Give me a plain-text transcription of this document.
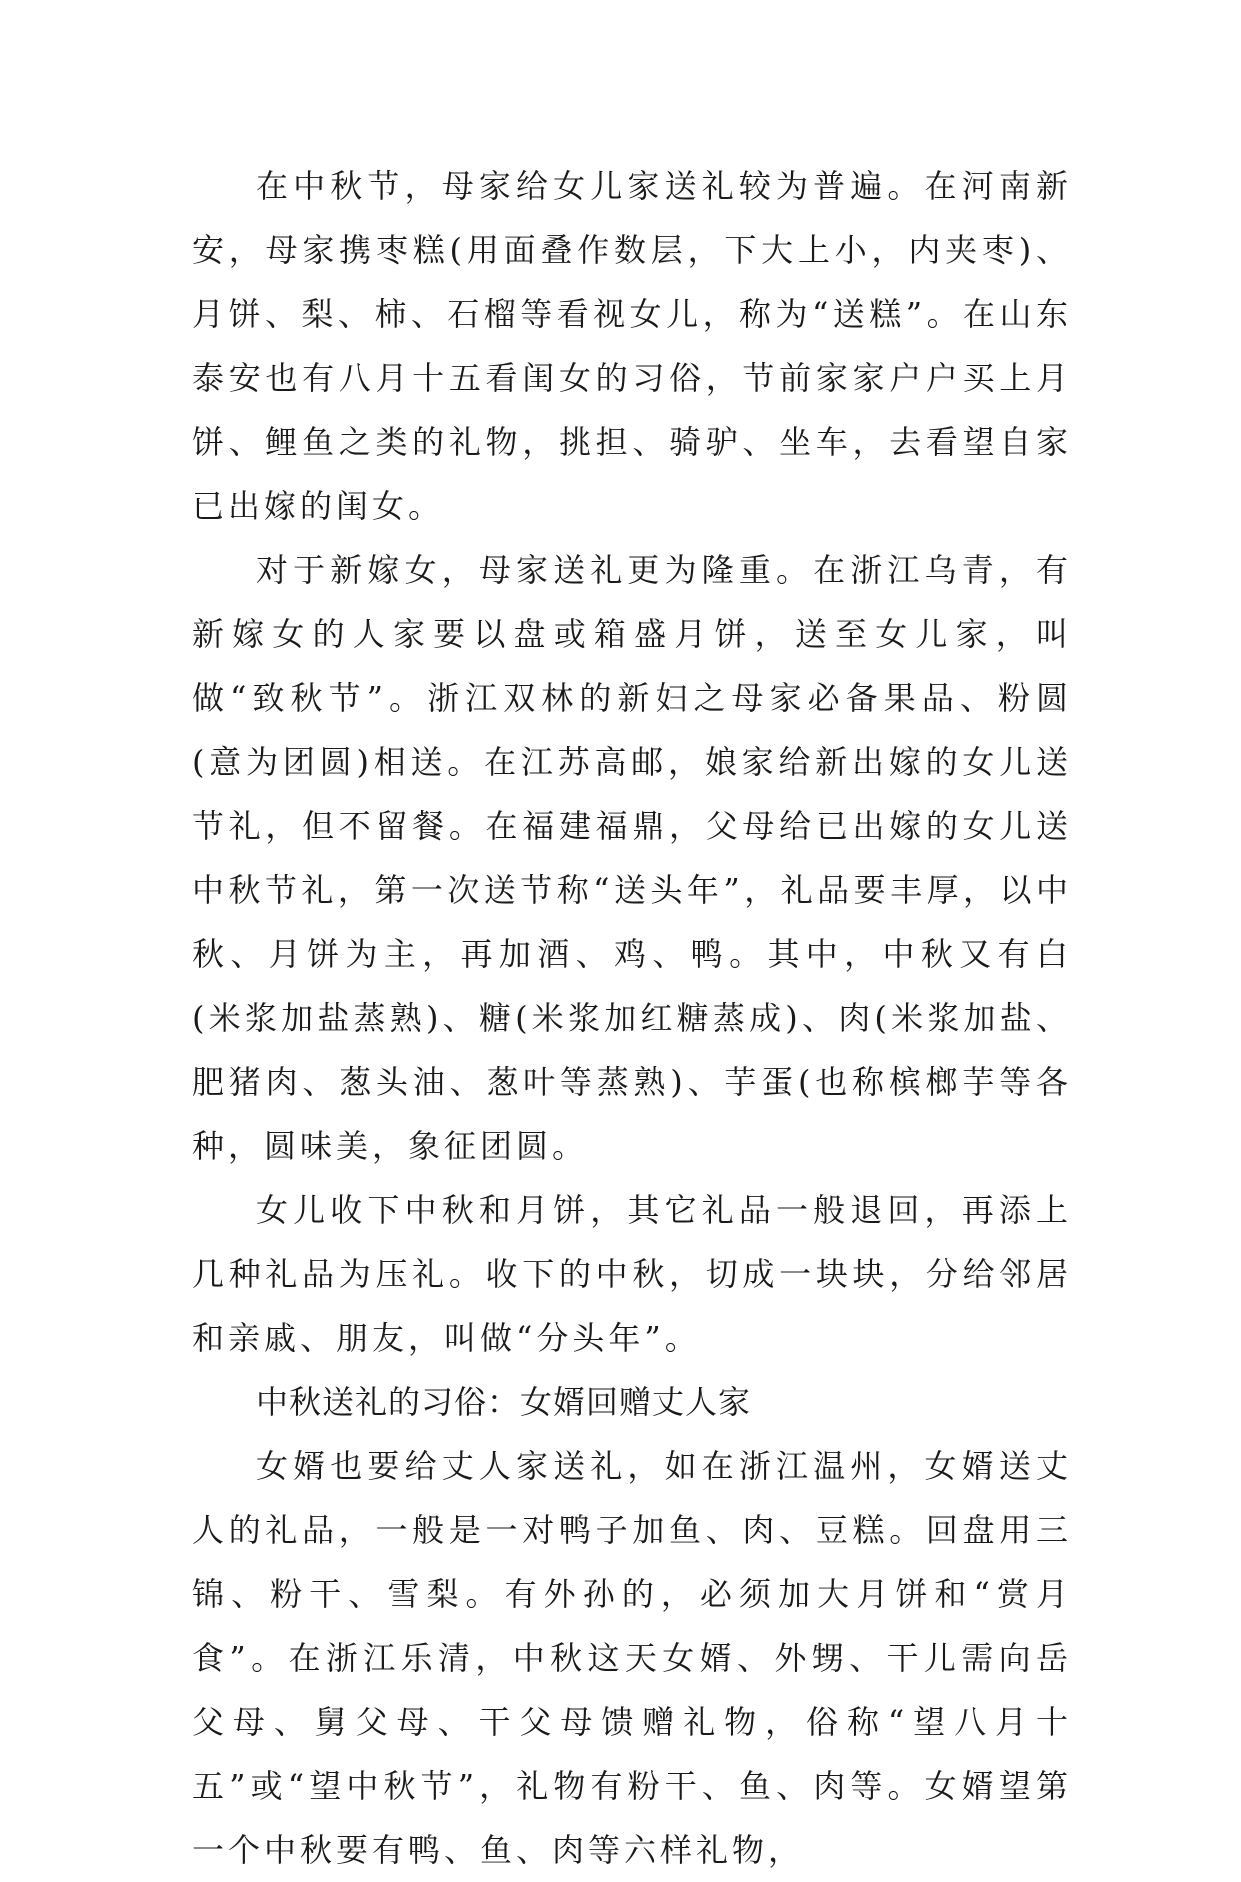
在中秋节，母家给女儿家送礼较为普遍。在河南新安，母家携枣糕(用面叠作数层，下大上小，内夹枣)、月饼、梨、柿、石榴等看视女儿，称为“送糕”。在山东泰安也有八月十五看闺女的习俗，节前家家户户买上月饼、鲤鱼之类的礼物，挑担、骑驴、坐车，去看望自家已出嫁的闺女。

对于新嫁女，母家送礼更为隆重。在浙江乌青，有新嫁女的人家要以盘或箱盛月饼，送至女儿家，叫做“致秋节”。浙江双林的新妇之母家必备果品、粉圆(意为团圆)相送。在江苏高邮，娘家给新出嫁的女儿送节礼，但不留餐。在福建福鼎，父母给已出嫁的女儿送中秋节礼，第一次送节称“送头年”，礼品要丰厚，以中秋、月饼为主，再加酒、鸡、鸭。其中，中秋又有白(米浆加盐蒸熟)、糖(米浆加红糖蒸成)、肉(米浆加盐、肥猪肉、葱头油、葱叶等蒸熟)、芋蛋(也称槟榔芋等各种，圆味美，象征团圆。

女儿收下中秋和月饼，其它礼品一般退回，再添上几种礼品为压礼。收下的中秋，切成一块块，分给邻居和亲戚、朋友，叫做“分头年”。

中秋送礼的习俗：女婿回赠丈人家

女婿也要给丈人家送礼，如在浙江温州，女婿送丈人的礼品，一般是一对鸭子加鱼、肉、豆糕。回盘用三锦、粉干、雪梨。有外孙的，必须加大月饼和“赏月食”。在浙江乐清，中秋这天女婿、外甥、干儿需向岳父母、舅父母、干父母馈赠礼物，俗称“望八月十五”或“望中秋节”，礼物有粉干、鱼、肉等。女婿望第一个中秋要有鸭、鱼、肉等六样礼物，
